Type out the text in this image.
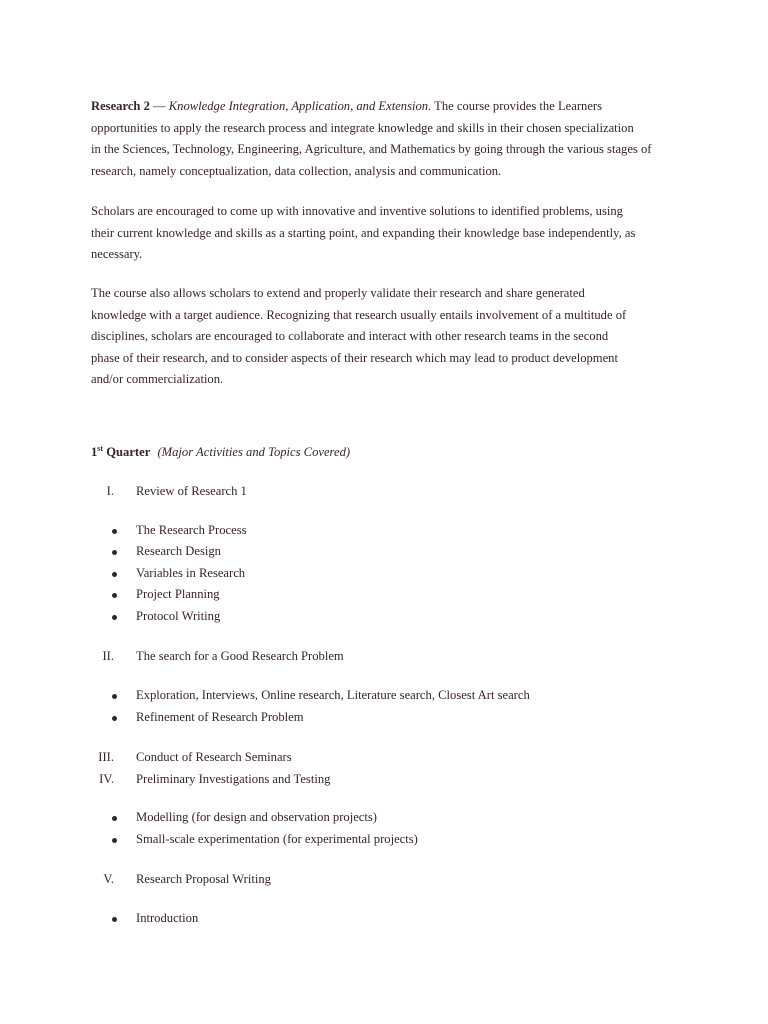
Research 2 — Knowledge Integration, Application, and Extension. The course provides the Learners
opportunities to apply the research process and integrate knowledge and skills in their chosen specialization
in the Sciences, Technology, Engineering, Agriculture, and Mathematics by going through the various stages of
research, namely conceptualization, data collection, analysis and communication.

Scholars are encouraged to come up with innovative and inventive solutions to identified problems, using
their current knowledge and skills as a starting point, and expanding their knowledge base independently, as
necessary.

The course also allows scholars to extend and properly validate their research and share generated
knowledge with a target audience. Recognizing that research usually entails involvement of a multitude of
disciplines, scholars are encouraged to collaborate and interact with other research teams in the second
phase of their research, and to consider aspects of their research which may lead to product development
and/or commercialization.

1st Quarter (Major Activities and Topics Covered)
I. Review of Research 1
The Research Process
Research Design
Variables in Research
Project Planning
Protocol Writing
II. The search for a Good Research Problem
Exploration, Interviews, Online research, Literature search, Closest Art search
Refinement of Research Problem
III. Conduct of Research Seminars
IV. Preliminary Investigations and Testing
Modelling (for design and observation projects)
Small-scale experimentation (for experimental projects)
V. Research Proposal Writing
Introduction
